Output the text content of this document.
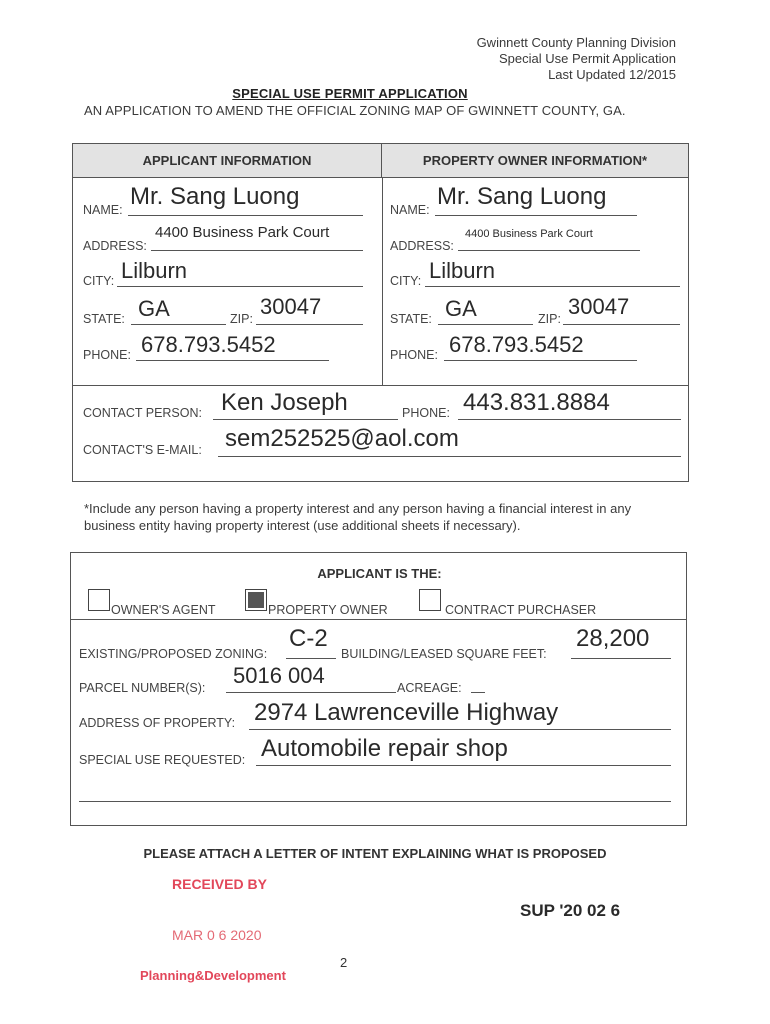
Gwinnett County Planning Division
Special Use Permit Application
Last Updated 12/2015
SPECIAL USE PERMIT APPLICATION
AN APPLICATION TO AMEND THE OFFICIAL ZONING MAP OF GWINNETT COUNTY, GA.
APPLICANT INFORMATION	PROPERTY OWNER INFORMATION*
NAME: Mr. Sang Luong
ADDRESS:
4400 Business Park Court
CITY: Lilburn
STATE: GA	ZIP: 30047
PHONE: 678.793.5452
NAME: Mr. Sang Luong
ADDRESS:
4400 Business Park Court
CITY: Lilburn
STATE: GA	ZIP: 30047
PHONE: 678.793.5452
CONTACT PERSON: Ken Joseph	PHONE: 443.831.8884
CONTACT'S E-MAIL: sem252525@aol.com
*Include any person having a property interest and any person having a financial interest in any business entity having property interest (use additional sheets if necessary).
APPLICANT IS THE:
OWNER'S AGENT	PROPERTY OWNER	CONTRACT PURCHASER
EXISTING/PROPOSED ZONING:
C-2
BUILDING/LEASED SQUARE FEET:
28,200
PARCEL NUMBER(S): 5016 004	ACREAGE:
ADDRESS OF PROPERTY: 2974 Lawrenceville Highway
SPECIAL USE REQUESTED: Automobile repair shop
PLEASE ATTACH A LETTER OF INTENT EXPLAINING WHAT IS PROPOSED
RECEIVED BY
MAR 0 6 2020
Planning&Development
SUP '20 02 6
2
